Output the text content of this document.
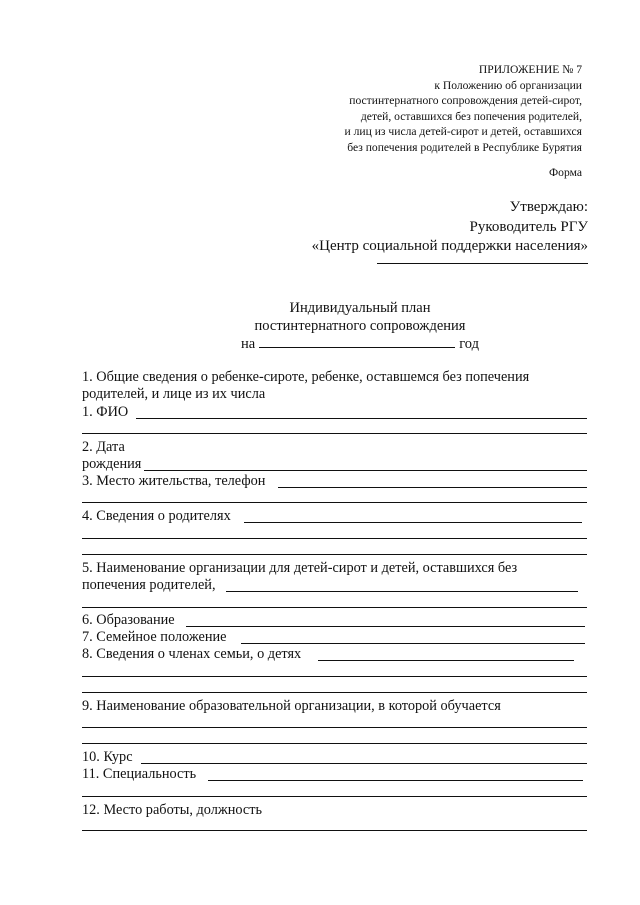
ПРИЛОЖЕНИЕ № 7
к Положению об организации
постинтернатного сопровождения детей-сирот,
детей, оставшихся без попечения родителей,
и лиц из числа детей-сирот и детей, оставшихся
без попечения родителей в Республике Бурятия
Форма
Утверждаю:
Руководитель РГУ
«Центр социальной поддержки населения»
Индивидуальный план
постинтернатного сопровождения
на	год
1. Общие сведения о ребенке-сироте, ребенке, оставшемся без попечения
родителей, и лице из их числа
1. ФИО
2. Дата
рождения
3. Место жительства, телефон
4. Сведения о родителях
5. Наименование организации для детей-сирот и детей, оставшихся без
попечения родителей,
6. Образование
7. Семейное положение
8. Сведения о членах семьи, о детях
9. Наименование образовательной организации, в которой обучается
10. Курс
11. Специальность
12. Место работы, должность
